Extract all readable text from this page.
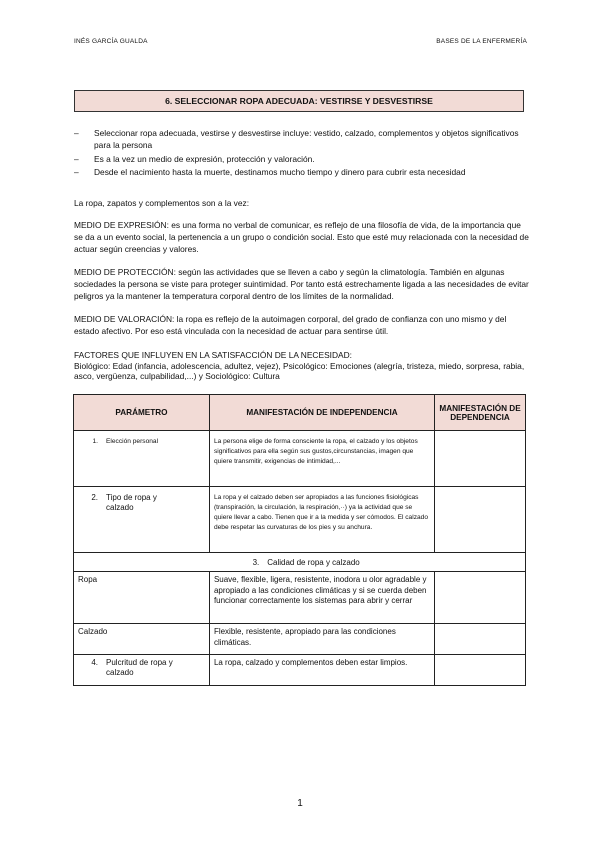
INÉS GARCÍA GUALDA	BASES DE LA ENFERMERÍA
6. SELECCIONAR ROPA ADECUADA: VESTIRSE Y DESVESTIRSE
– Seleccionar ropa adecuada, vestirse y desvestirse incluye: vestido, calzado, complementos y objetos significativos para la persona
– Es a la vez un medio de expresión, protección y valoración.
– Desde el nacimiento hasta la muerte, destinamos mucho tiempo y dinero para cubrir esta necesidad
La ropa, zapatos y complementos son a la vez:
MEDIO DE EXPRESIÓN: es una forma no verbal de comunicar, es reflejo de una filosofía de vida, de la importancia que se da a un evento social, la pertenencia a un grupo o condición social. Esto que esté muy relacionada con la necesidad de actuar según creencias y valores.
MEDIO DE PROTECCIÓN: según las actividades que se lleven a cabo y según la climatología. También en algunas sociedades la persona se viste para proteger suintimidad. Por tanto está estrechamente ligada a las necesidades de evitar peligros ya la mantener la temperatura corporal dentro de los límites de la normalidad.
MEDIO DE VALORACIÓN: la ropa es reflejo de la autoimagen corporal, del grado de confianza con uno mismo y del estado afectivo. Por eso está vinculada con la necesidad de actuar para sentirse útil.
FACTORES QUE INFLUYEN EN LA SATISFACCIÓN DE LA NECESIDAD:
Biológico: Edad (infancia, adolescencia, adultez, vejez), Psicológico: Emociones (alegría, tristeza, miedo, sorpresa, rabia, asco, vergüenza, culpabilidad,...) y Sociológico: Cultura
PARÁMETRO	MANIFESTACIÓN DE INDEPENDENCIA	MANIFESTACIÓN DE DEPENDENCIA
1. Elección personal	La persona elige de forma consciente la ropa, el calzado y los objetos significativos para ella según sus gustos,circunstancias, imagen que quiere transmitir, exigencias de intimidad,...	

2. Tipo de ropa y calzado	La ropa y el calzado deben ser apropiados a las funciones fisiológicas (transpiración, la circulación, la respiración,··) ya la actividad que se quiere llevar a cabo. Tienen que ir a la medida y ser cómodos. El calzado debe respetar las curvaturas de los pies y su anchura.	
3. Calidad de ropa y calzado		
Ropa	Suave, flexible, ligera, resistente, inodora u olor agradable y apropiado a las condiciones climáticas y si se cuerda deben funcionar correctamente los sistemas para abrir y cerrar	
Calzado	Flexible, resistente, apropiado para las condiciones climáticas.	

4. Pulcritud de ropa y calzado	La ropa, calzado y complementos deben estar limpios.	
1
